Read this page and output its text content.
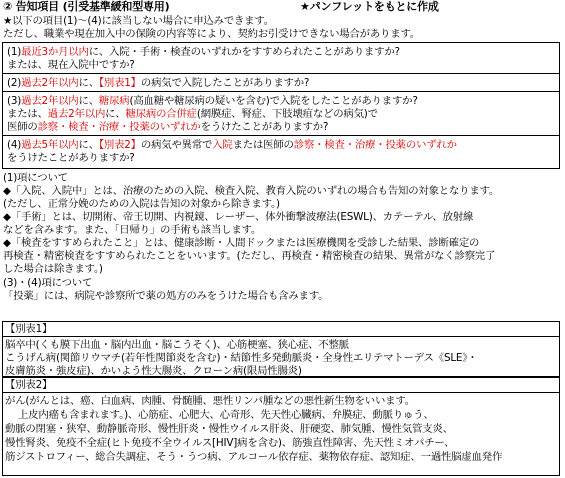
② 告知項目 (引受基準緩和型専用)	★パンフレットをもとに作成
★以下の項目(1)～(4)に該当しない場合に申込みできます。
ただし、職業や現在加入中の保険の内容等により、契約お引受けできない場合があります。
(1)最近3か月以内に、入院・手術・検査のいずれかをすすめられたことがありますか?
または、現在入院中ですか?
(2)過去2年以内に、【別表1】の病気で入院したことがありますか?
(3)過去2年以内に、糖尿病(高血糖や糖尿病の疑いを含む)で入院をしたことがありますか?
または、過去2年以内に、糖尿病の合併症(網膜症、腎症、下肢壊疽などの病気)で
医師の診察・検査・治療・投薬のいずれかをうけたことがありますか?
(4)過去5年以内に、【別表2】の病気や異常で入院または医師の診察・検査・治療・投薬のいずれか
をうけたことがありますか?
(1)項について
◆「入院、入院中」とは、治療のための入院、検査入院、教育入院のいずれの場合も告知の対象となります。
(ただし、正常分娩のための入院は告知の対象から除きます。)
◆「手術」とは、切開術、帝王切開、内視鏡、レーザー、体外衝撃波療法(ESWL)、カテーテル、放射線
などを含みます。また、「日帰り」の手術も該当します。
◆「検査をすすめられたこと」とは、健康診断・人間ドックまたは医療機関を受診した結果、診断確定の
再検査・精密検査をすすめられたことをいいます。(ただし、再検査・精密検査の結果、異常がなく診察完了
した場合は除きます。)
(3)・(4)項について
「投薬」には、病院や診察所で薬の処方のみをうけた場合も含みます。
【別表1】
脳卒中(くも膜下出血・脳内出血・脳こうそく)、心筋梗塞、狭心症、不整脈
こうげん病(関節リウマチ(若年性関節炎を含む)・結節性多発動脈炎・全身性エリテマトーデス《SLE》・
皮膚筋炎・強皮症)、かいよう性大腸炎、クローン病(限局性腸炎)
【別表2】
がん(がんとは、癌、白血病、肉腫、骨髄腫、悪性リンパ腫などの悪性新生物をいいます。
上皮内癌も含まれます。)、心筋症、心肥大、心奇形、先天性心臓病、弁膜症、動脈りゅう、
動脈の閉塞・狭窄、動静脈奇形、慢性肝炎・慢性ウイルス肝炎、肝硬変、肺気腫、慢性気管支炎、
慢性腎炎、免疫不全症(ヒト免疫不全ウイルス[HIV]病を含む)、筋強直性障害、先天性ミオパチー、
筋ジストロフィー、総合失調症、そう・うつ病、アルコール依存症、薬物依存症、認知症、一過性脳虚血発作
